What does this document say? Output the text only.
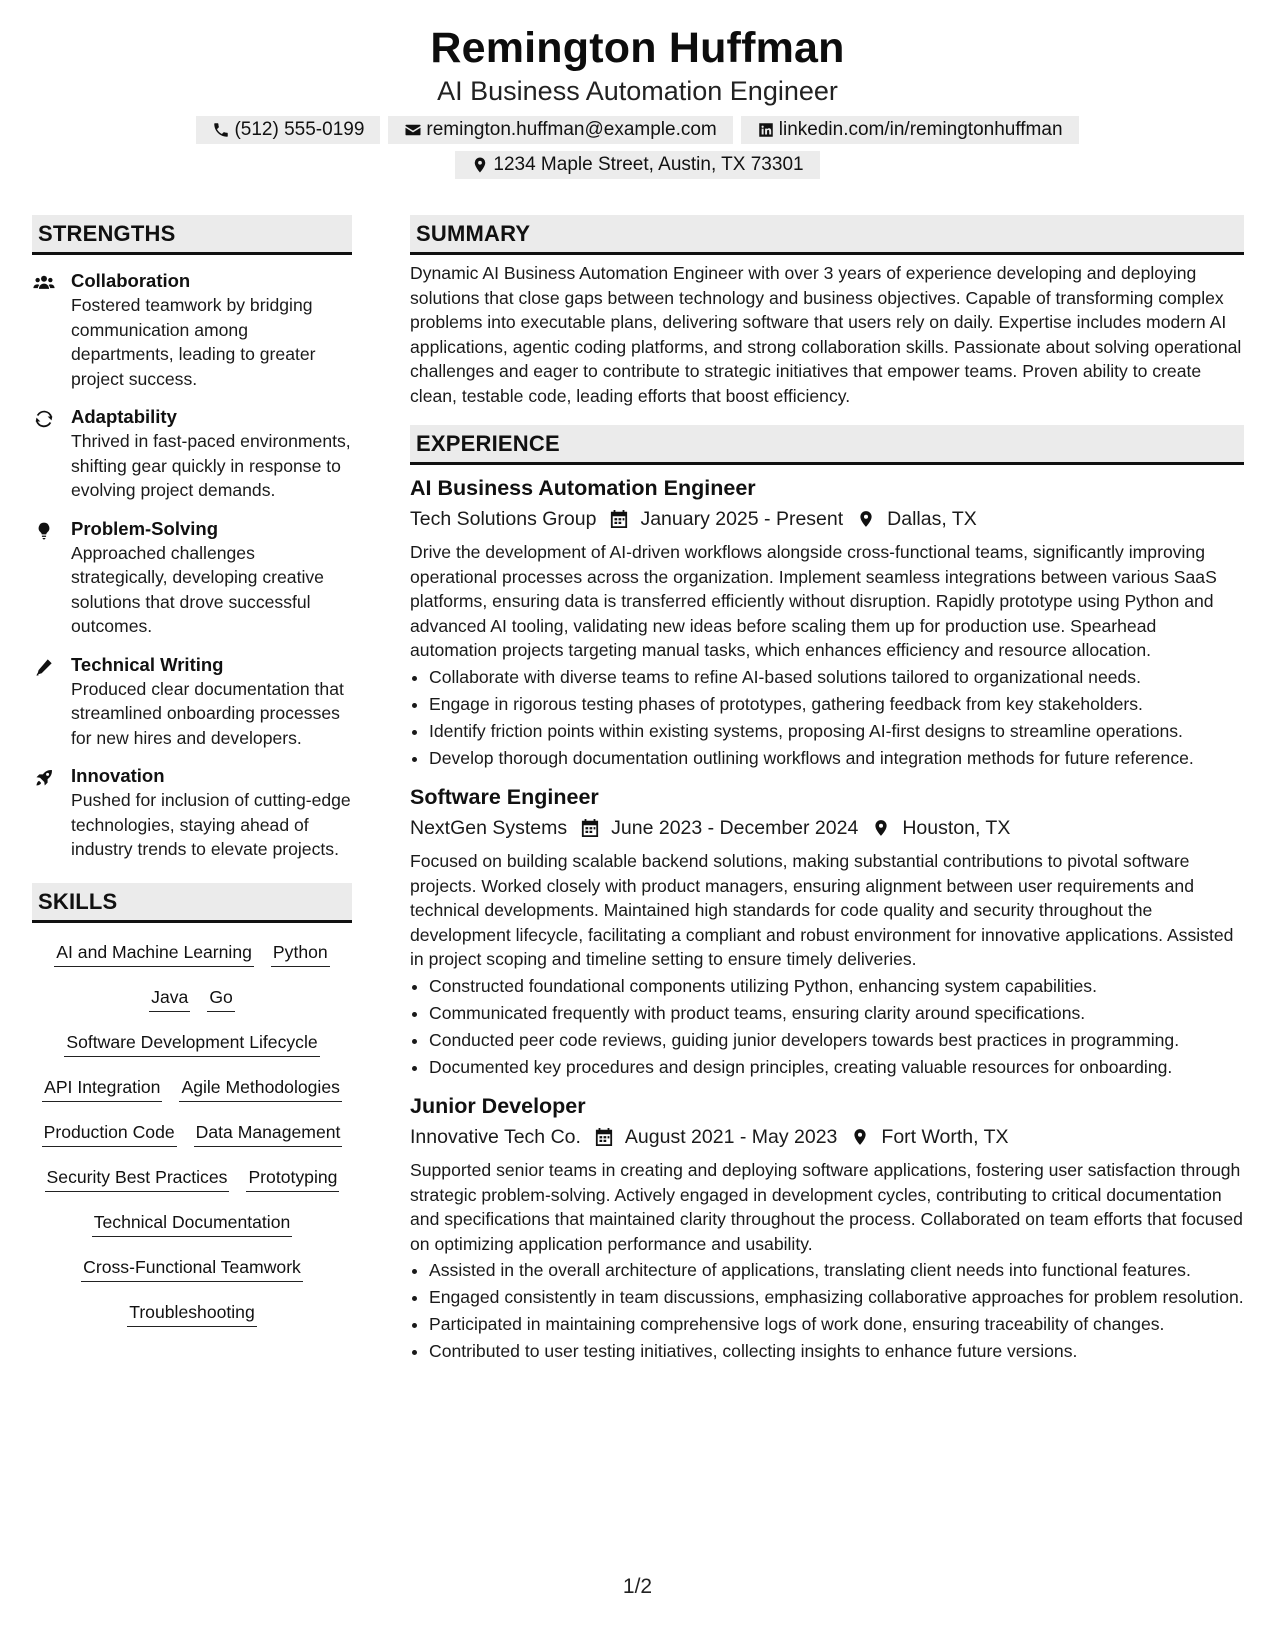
Remington Huffman
AI Business Automation Engineer
(512) 555-0199	remington.huffman@example.com	linkedin.com/in/remingtonhuffman
1234 Maple Street, Austin, TX 73301
STRENGTHS
Collaboration
Fostered teamwork by bridging communication among departments, leading to greater project success.
Adaptability
Thrived in fast-paced environments, shifting gear quickly in response to evolving project demands.
Problem-Solving
Approached challenges strategically, developing creative solutions that drove successful outcomes.
Technical Writing
Produced clear documentation that streamlined onboarding processes for new hires and developers.
Innovation
Pushed for inclusion of cutting-edge technologies, staying ahead of industry trends to elevate projects.
SKILLS
AI and Machine Learning Python
Java Go
Software Development Lifecycle
API Integration Agile Methodologies
Production Code Data Management
Security Best Practices Prototyping
Technical Documentation
Cross-Functional Teamwork
Troubleshooting
SUMMARY
Dynamic AI Business Automation Engineer with over 3 years of experience developing and deploying solutions that close gaps between technology and business objectives. Capable of transforming complex problems into executable plans, delivering software that users rely on daily. Expertise includes modern AI applications, agentic coding platforms, and strong collaboration skills. Passionate about solving operational challenges and eager to contribute to strategic initiatives that empower teams. Proven ability to create clean, testable code, leading efforts that boost efficiency.
EXPERIENCE
AI Business Automation Engineer
Tech Solutions Group January 2025 - Present Dallas, TX
Drive the development of AI-driven workflows alongside cross-functional teams, significantly improving operational processes across the organization. Implement seamless integrations between various SaaS platforms, ensuring data is transferred efficiently without disruption. Rapidly prototype using Python and advanced AI tooling, validating new ideas before scaling them up for production use. Spearhead automation projects targeting manual tasks, which enhances efficiency and resource allocation.
• Collaborate with diverse teams to refine AI-based solutions tailored to organizational needs.
• Engage in rigorous testing phases of prototypes, gathering feedback from key stakeholders.
• Identify friction points within existing systems, proposing AI-first designs to streamline operations.
• Develop thorough documentation outlining workflows and integration methods for future reference.
Software Engineer
NextGen Systems June 2023 - December 2024 Houston, TX
Focused on building scalable backend solutions, making substantial contributions to pivotal software projects. Worked closely with product managers, ensuring alignment between user requirements and technical developments. Maintained high standards for code quality and security throughout the development lifecycle, facilitating a compliant and robust environment for innovative applications. Assisted in project scoping and timeline setting to ensure timely deliveries.
• Constructed foundational components utilizing Python, enhancing system capabilities.
• Communicated frequently with product teams, ensuring clarity around specifications.
• Conducted peer code reviews, guiding junior developers towards best practices in programming.
• Documented key procedures and design principles, creating valuable resources for onboarding.
Junior Developer
Innovative Tech Co. August 2021 - May 2023 Fort Worth, TX
Supported senior teams in creating and deploying software applications, fostering user satisfaction through strategic problem-solving. Actively engaged in development cycles, contributing to critical documentation and specifications that maintained clarity throughout the process. Collaborated on team efforts that focused on optimizing application performance and usability.
• Assisted in the overall architecture of applications, translating client needs into functional features.
• Engaged consistently in team discussions, emphasizing collaborative approaches for problem resolution.
• Participated in maintaining comprehensive logs of work done, ensuring traceability of changes.
• Contributed to user testing initiatives, collecting insights to enhance future versions.
1/2
